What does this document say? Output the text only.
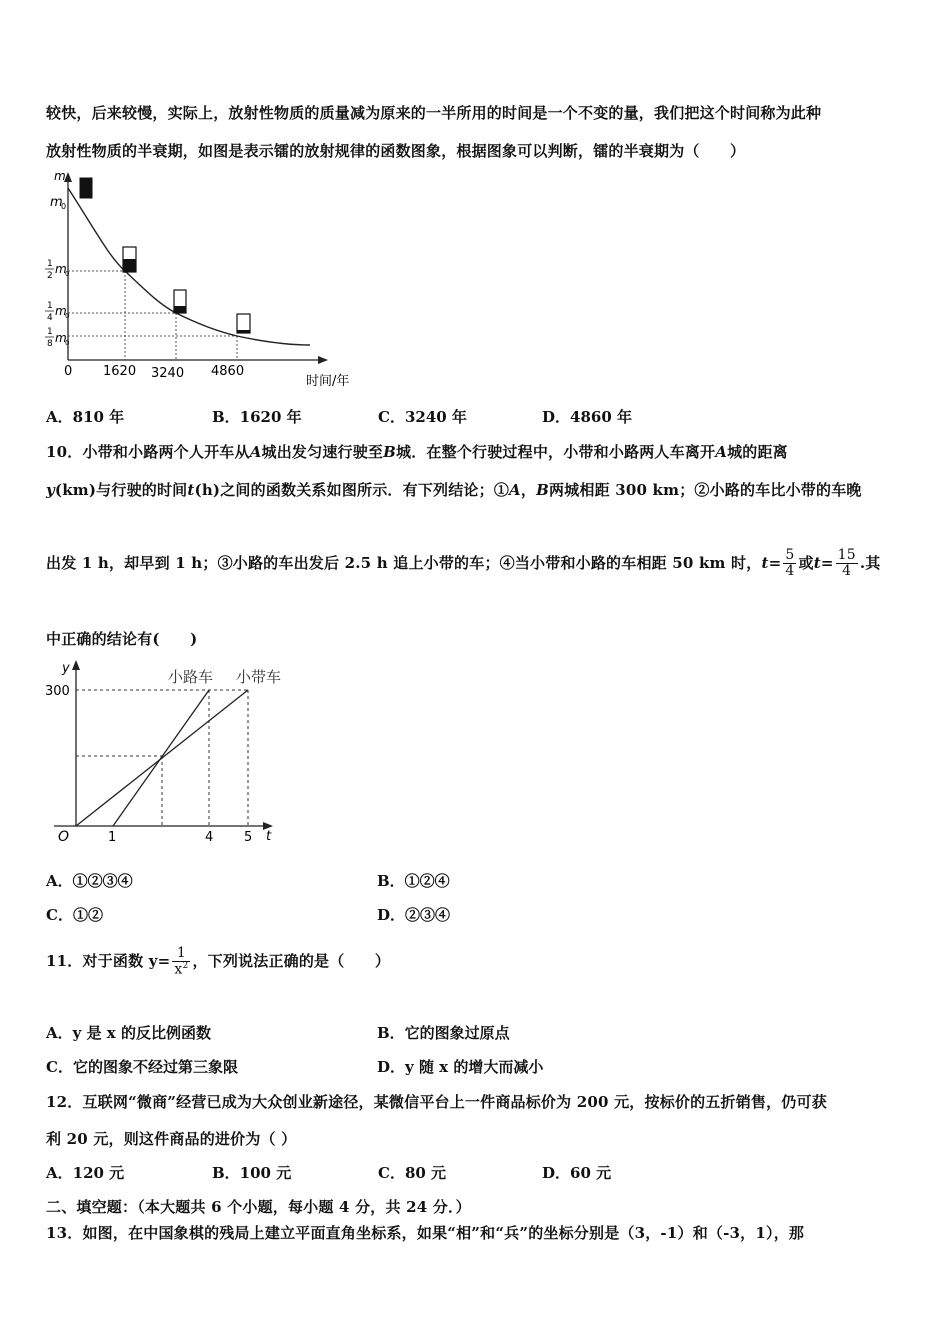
较快，后来较慢，实际上，放射性物质的质量减为原来的一半所用的时间是一个不变的量，我们把这个时间称为此种
放射性物质的半衰期，如图是表示镭的放射规律的函数图象，根据图象可以判断，镭的半衰期为（　　）
m
时间/年
m
0
1
2 m
0
1
4 m
0
1
8 m
0
0 1620 3240 4860
A．810 年	B．1620 年	C．3240 年	D．4860 年
10．小带和小路两个人开车从A城出发匀速行驶至B城．在整个行驶过程中，小带和小路两人车离开A城的距离
y(km)与行驶的时间t(h)之间的函数关系如图所示．有下列结论；①A，B两城相距 300 km；②小路的车比小带的车晚
出发 1 h，却早到 1 h；③小路的车出发后 2.5 h 追上小带的车；④当小带和小路的车相距 50 km 时，$t= \frac{5}{4}$ 或$t= \frac{15}{4}$ .其
中正确的结论有(　　)
y
t
O
300
1	4 5
小路车 小带车
A．①②③④	B．①②④
C．①②	D．②③④
11．对于函数 $y= \frac{1}{x^2}$ ，下列说法正确的是（　　）
A．y 是 x 的反比例函数	B．它的图象过原点
C．它的图象不经过第三象限	D．y 随 x 的增大而减小
12．互联网“微商”经营已成为大众创业新途径，某微信平台上一件商品标价为 200 元，按标价的五折销售，仍可获
利 20 元，则这件商品的进价为（ ）
A．120 元	B．100 元	C．80 元	D．60 元
二、填空题：（本大题共 6 个小题，每小题 4 分，共 24 分．）
13．如图，在中国象棋的残局上建立平面直角坐标系，如果“相”和“兵”的坐标分别是（3，-1）和（-3，1），那
